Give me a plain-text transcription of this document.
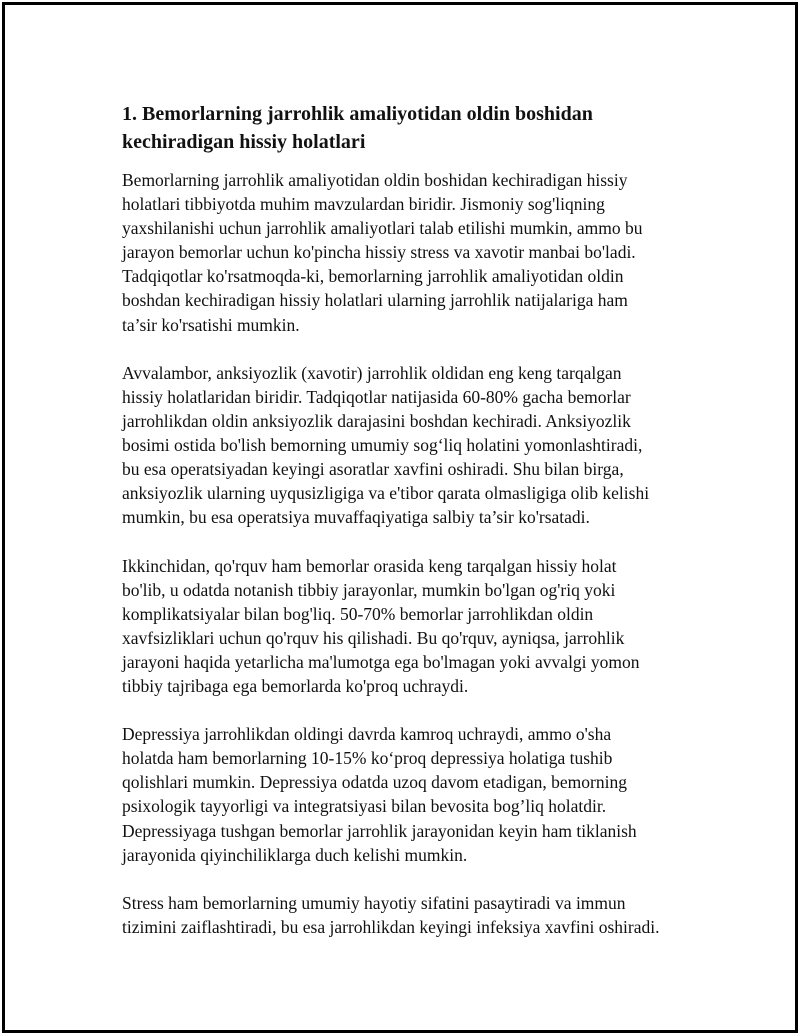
1. Bemorlarning jarrohlik amaliyotidan oldin boshidan
kechiradigan hissiy holatlari

Bemorlarning jarrohlik amaliyotidan oldin boshidan kechiradigan hissiy
holatlari tibbiyotda muhim mavzulardan biridir. Jismoniy sog'liqning
yaxshilanishi uchun jarrohlik amaliyotlari talab etilishi mumkin, ammo bu
jarayon bemorlar uchun ko'pincha hissiy stress va xavotir manbai bo'ladi.
Tadqiqotlar ko'rsatmoqda-ki, bemorlarning jarrohlik amaliyotidan oldin
boshdan kechiradigan hissiy holatlari ularning jarrohlik natijalariga ham
ta’sir ko'rsatishi mumkin.

Avvalambor, anksiyozlik (xavotir) jarrohlik oldidan eng keng tarqalgan
hissiy holatlaridan biridir. Tadqiqotlar natijasida 60-80% gacha bemorlar
jarrohlikdan oldin anksiyozlik darajasini boshdan kechiradi. Anksiyozlik
bosimi ostida bo'lish bemorning umumiy sog‘liq holatini yomonlashtiradi,
bu esa operatsiyadan keyingi asoratlar xavfini oshiradi. Shu bilan birga,
anksiyozlik ularning uyqusizligiga va e'tibor qarata olmasligiga olib kelishi
mumkin, bu esa operatsiya muvaffaqiyatiga salbiy ta’sir ko'rsatadi.

Ikkinchidan, qo'rquv ham bemorlar orasida keng tarqalgan hissiy holat
bo'lib, u odatda notanish tibbiy jarayonlar, mumkin bo'lgan og'riq yoki
komplikatsiyalar bilan bog'liq. 50-70% bemorlar jarrohlikdan oldin
xavfsizliklari uchun qo'rquv his qilishadi. Bu qo'rquv, ayniqsa, jarrohlik
jarayoni haqida yetarlicha ma'lumotga ega bo'lmagan yoki avvalgi yomon
tibbiy tajribaga ega bemorlarda ko'proq uchraydi.

Depressiya jarrohlikdan oldingi davrda kamroq uchraydi, ammo o'sha
holatda ham bemorlarning 10-15% ko‘proq depressiya holatiga tushib
qolishlari mumkin. Depressiya odatda uzoq davom etadigan, bemorning
psixologik tayyorligi va integratsiyasi bilan bevosita bog’liq holatdir.
Depressiyaga tushgan bemorlar jarrohlik jarayonidan keyin ham tiklanish
jarayonida qiyinchiliklarga duch kelishi mumkin.

Stress ham bemorlarning umumiy hayotiy sifatini pasaytiradi va immun
tizimini zaiflashtiradi, bu esa jarrohlikdan keyingi infeksiya xavfini oshiradi.
